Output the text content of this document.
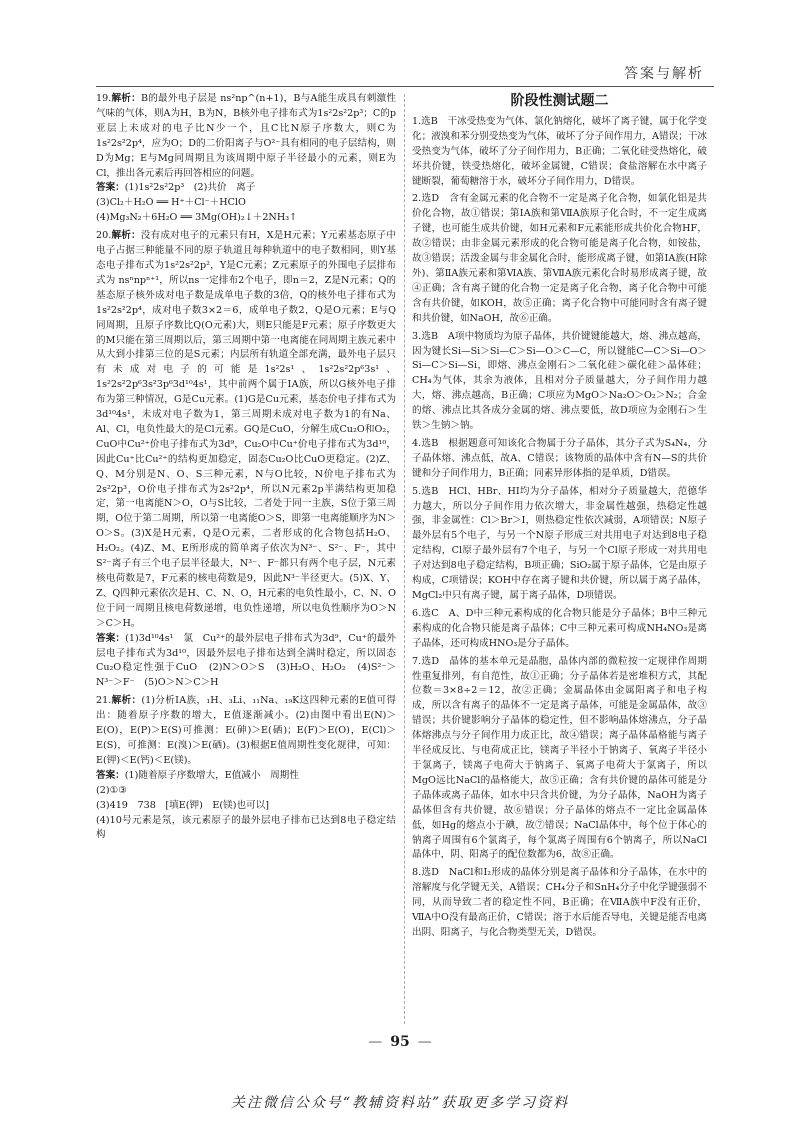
答案与解析

19.解析：B的最外电子层是 ns²np^(n+1)，B与A能生成具有刺激性气味的气体，则A为H，B为N，B核外电子排布式为1s²2s²2p³；C的p亚层上未成对的电子比N少一个，且C比N原子序数大，则C为1s²2s²2p⁴，应为O；D的二价阳离子与O²⁻具有相同的电子层结构，则D为Mg；E与Mg同周期且为该周期中原子半径最小的元素，则E为Cl，推出各元素后再回答相应的问题。

答案：(1)1s²2s²2p³　(2)共价　离子

(3)Cl₂＋H₂O ══ H⁺＋Cl⁻＋HClO

(4)Mg₃N₂＋6H₂O ══ 3Mg(OH)₂↓＋2NH₃↑

20.解析：没有成对电子的元素只有H，X是H元素；Y元素基态原子中电子占据三种能量不同的原子轨道且每种轨道中的电子数相同，则Y基态电子排布式为1s²2s²2p²，Y是C元素；Z元素原子的外围电子层排布式为 nsⁿnpⁿ⁺¹，所以ns一定排布2个电子，即n＝2，Z是N元素；Q的基态原子核外成对电子数是成单电子数的3倍，Q的核外电子排布式为1s²2s²2p⁴，成对电子数3×2＝6，成单电子数2，Q是O元素；E与Q同周期，且原子序数比Q(O元素)大，则E只能是F元素；原子序数更大的M只能在第三周期以后，第三周期中第一电离能在同周期主族元素中从大到小排第三位的是S元素；内层所有轨道全部充满，最外电子层只有未成对电子的可能是1s²2s¹、1s²2s²2p⁶3s¹、1s²2s²2p⁶3s²3p⁶3d¹⁰4s¹，其中前两个属于ⅠA族，所以G核外电子排布为第三种情况，G是Cu元素。(1)G是Cu元素，基态价电子排布式为3d¹⁰4s¹，未成对电子数为1，第三周期未成对电子数为1的有Na、Al、Cl，电负性最大的是Cl元素。GQ是CuO，分解生成Cu₂O和O₂，CuO中Cu²⁺价电子排布式为3d⁹，Cu₂O中Cu⁺价电子排布式为3d¹⁰，因此Cu⁺比Cu²⁺的结构更加稳定，固态Cu₂O比CuO更稳定。(2)Z、Q、M分别是N、O、S三种元素，N与O比较，N价电子排布式为2s²2p³，O价电子排布式为2s²2p⁴，所以N元素2p半满结构更加稳定，第一电离能N＞O，O与S比较，二者处于同一主族，S位于第三周期，O位于第二周期，所以第一电离能O＞S，即第一电离能顺序为N＞O＞S。(3)X是H元素，Q是O元素，二者形成的化合物包括H₂O、H₂O₂。(4)Z、M、E所形成的简单离子依次为N³⁻、S²⁻、F⁻，其中S²⁻离子有三个电子层半径最大，N³⁻、F⁻都只有两个电子层，N元素核电荷数是7，F元素的核电荷数是9，因此N³⁻半径更大。(5)X、Y、Z、Q四种元素依次是H、C、N、O，H元素的电负性最小，C、N、O位于同一周期且核电荷数递增，电负性递增，所以电负性顺序为O＞N＞C＞H。

答案：(1)3d¹⁰4s¹　氯　Cu²⁺的最外层电子排布式为3d⁹，Cu⁺的最外层电子排布式为3d¹⁰，因最外层电子排布达到全满时稳定，所以固态Cu₂O稳定性强于CuO　(2)N＞O＞S　(3)H₂O、H₂O₂　(4)S²⁻＞N³⁻＞F⁻　(5)O＞N＞C＞H

21.解析：(1)分析ⅠA族，₁H、₃Li、₁₁Na、₁₉K这四种元素的E值可得出：随着原子序数的增大，E值逐渐减小。(2)由图中看出E(N)＞E(O)，E(P)＞E(S)可推测：E(砷)＞E(硒)；E(F)＞E(O)，E(Cl)＞E(S)，可推测：E(溴)＞E(硒)。(3)根据E值周期性变化规律，可知：E(钾)＜E(钙)＜E(镁)。

答案：(1)随着原子序数增大，E值减小　周期性

(2)①③

(3)419　738　[填E(钾)　E(镁)也可以]

(4)10号元素是氖，该元素原子的最外层电子排布已达到8电子稳定结构

阶段性测试题二
1.选B　干冰受热变为气体、氯化钠熔化，破坏了离子键，属于化学变化；液溴和苯分别受热变为气体，破坏了分子间作用力，A错误；干冰受热变为气体，破坏了分子间作用力，B正确；二氧化硅受热熔化，破坏共价键，铁受热熔化，破坏金属键，C错误；食盐溶解在水中离子键断裂，葡萄糖溶于水，破坏分子间作用力，D错误。
2.选D　含有金属元素的化合物不一定是离子化合物，如氯化铝是共价化合物，故①错误；第ⅠA族和第ⅦA族原子化合时，不一定生成离子键，也可能生成共价键，如H元素和F元素能形成共价化合物HF，故②错误；由非金属元素形成的化合物可能是离子化合物，如铵盐，故③错误；活泼金属与非金属化合时，能形成离子键，如第ⅠA族(H除外)、第ⅡA族元素和第ⅥA族、第ⅦA族元素化合时易形成离子键，故④正确；含有离子键的化合物一定是离子化合物，离子化合物中可能含有共价键，如KOH，故⑤正确；离子化合物中可能同时含有离子键和共价键，如NaOH，故⑥正确。
3.选B　A项中物质均为原子晶体，共价键键能越大，熔、沸点越高，因为键长Si—Si＞Si—C＞Si—O＞C—C，所以键能C—C＞Si—O＞Si—C＞Si—Si，即熔、沸点金刚石＞二氧化硅＞碳化硅＞晶体硅；CH₄为气体，其余为液体，且相对分子质量越大，分子间作用力越大，熔、沸点越高，B正确；C项应为MgO＞Na₂O＞O₂＞N₂；合金的熔、沸点比其各成分金属的熔、沸点要低，故D项应为金刚石＞生铁＞生钠＞钠。
4.选B　根据题意可知该化合物属于分子晶体，其分子式为S₄N₄，分子晶体熔、沸点低，故A、C错误；该物质的晶体中含有N—S的共价键和分子间作用力，B正确；同素异形体指的是单质，D错误。
5.选B　HCl、HBr、HI均为分子晶体，相对分子质量越大，范德华力越大，所以分子间作用力依次增大，非金属性越强，热稳定性越强，非金属性：Cl＞Br＞I，则热稳定性依次减弱，A项错误；N原子最外层有5个电子，与另一个N原子形成三对共用电子对达到8电子稳定结构，Cl原子最外层有7个电子，与另一个Cl原子形成一对共用电子对达到8电子稳定结构，B项正确；SiO₂属于原子晶体，它是由原子构成，C项错误；KOH中存在离子键和共价键，所以属于离子晶体，MgCl₂中只有离子键，属于离子晶体，D项错误。
6.选C　A、D中三种元素构成的化合物只能是分子晶体；B中三种元素构成的化合物只能是离子晶体；C中三种元素可构成NH₄NO₃是离子晶体，还可构成HNO₃是分子晶体。
7.选D　晶体的基本单元是晶胞，晶体内部的微粒按一定规律作周期性重复排列，有自范性，故①正确；分子晶体若是密堆积方式，其配位数＝3×8÷2＝12，故②正确；金属晶体由金属阳离子和电子构成，所以含有离子的晶体不一定是离子晶体，可能是金属晶体，故③错误；共价键影响分子晶体的稳定性，但不影响晶体熔沸点，分子晶体熔沸点与分子间作用力成正比，故④错误；离子晶体晶格能与离子半径成反比、与电荷成正比，镁离子半径小于钠离子、氧离子半径小于氯离子，镁离子电荷大于钠离子、氧离子电荷大于氯离子，所以MgO远比NaCl的晶格能大，故⑤正确；含有共价键的晶体可能是分子晶体或离子晶体，如水中只含共价键，为分子晶体，NaOH为离子晶体但含有共价键，故⑥错误；分子晶体的熔点不一定比金属晶体低，如Hg的熔点小于碘，故⑦错误；NaCl晶体中，每个位于体心的钠离子周围有6个氯离子，每个氯离子周围有6个钠离子，所以NaCl晶体中，阴、阳离子的配位数都为6，故⑧正确。
8.选D　NaCl和I₂形成的晶体分别是离子晶体和分子晶体，在水中的溶解度与化学键无关，A错误；CH₄分子和SnH₄分子中化学键强弱不同，从而导致二者的稳定性不同，B正确；在ⅦA族中F没有正价，ⅦA中O没有最高正价，C错误；溶于水后能否导电，关键是能否电离出阴、阳离子，与化合物类型无关，D错误。
— 95 —
关注微信公众号“教辅资料站”获取更多学习资料
